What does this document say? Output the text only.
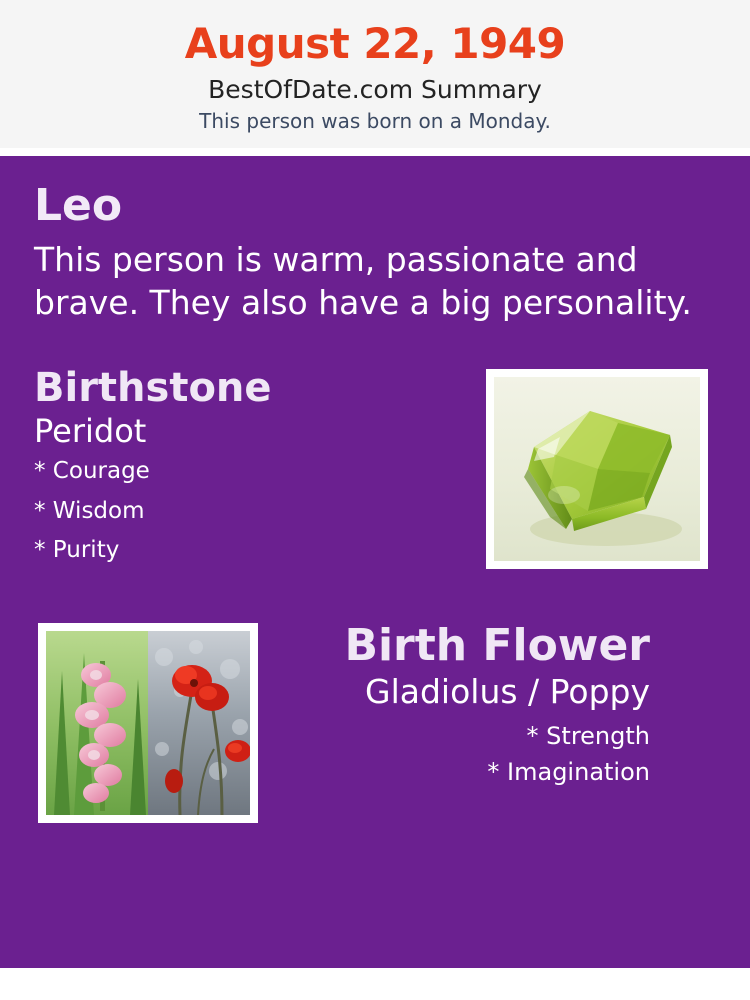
August 22, 1949
BestOfDate.com Summary
This person was born on a Monday.
Leo
This person is warm, passionate and brave. They also have a big personality.
Birthstone
Peridot
* Courage
* Wisdom
* Purity
Birth Flower
Gladiolus / Poppy
* Strength
* Imagination
